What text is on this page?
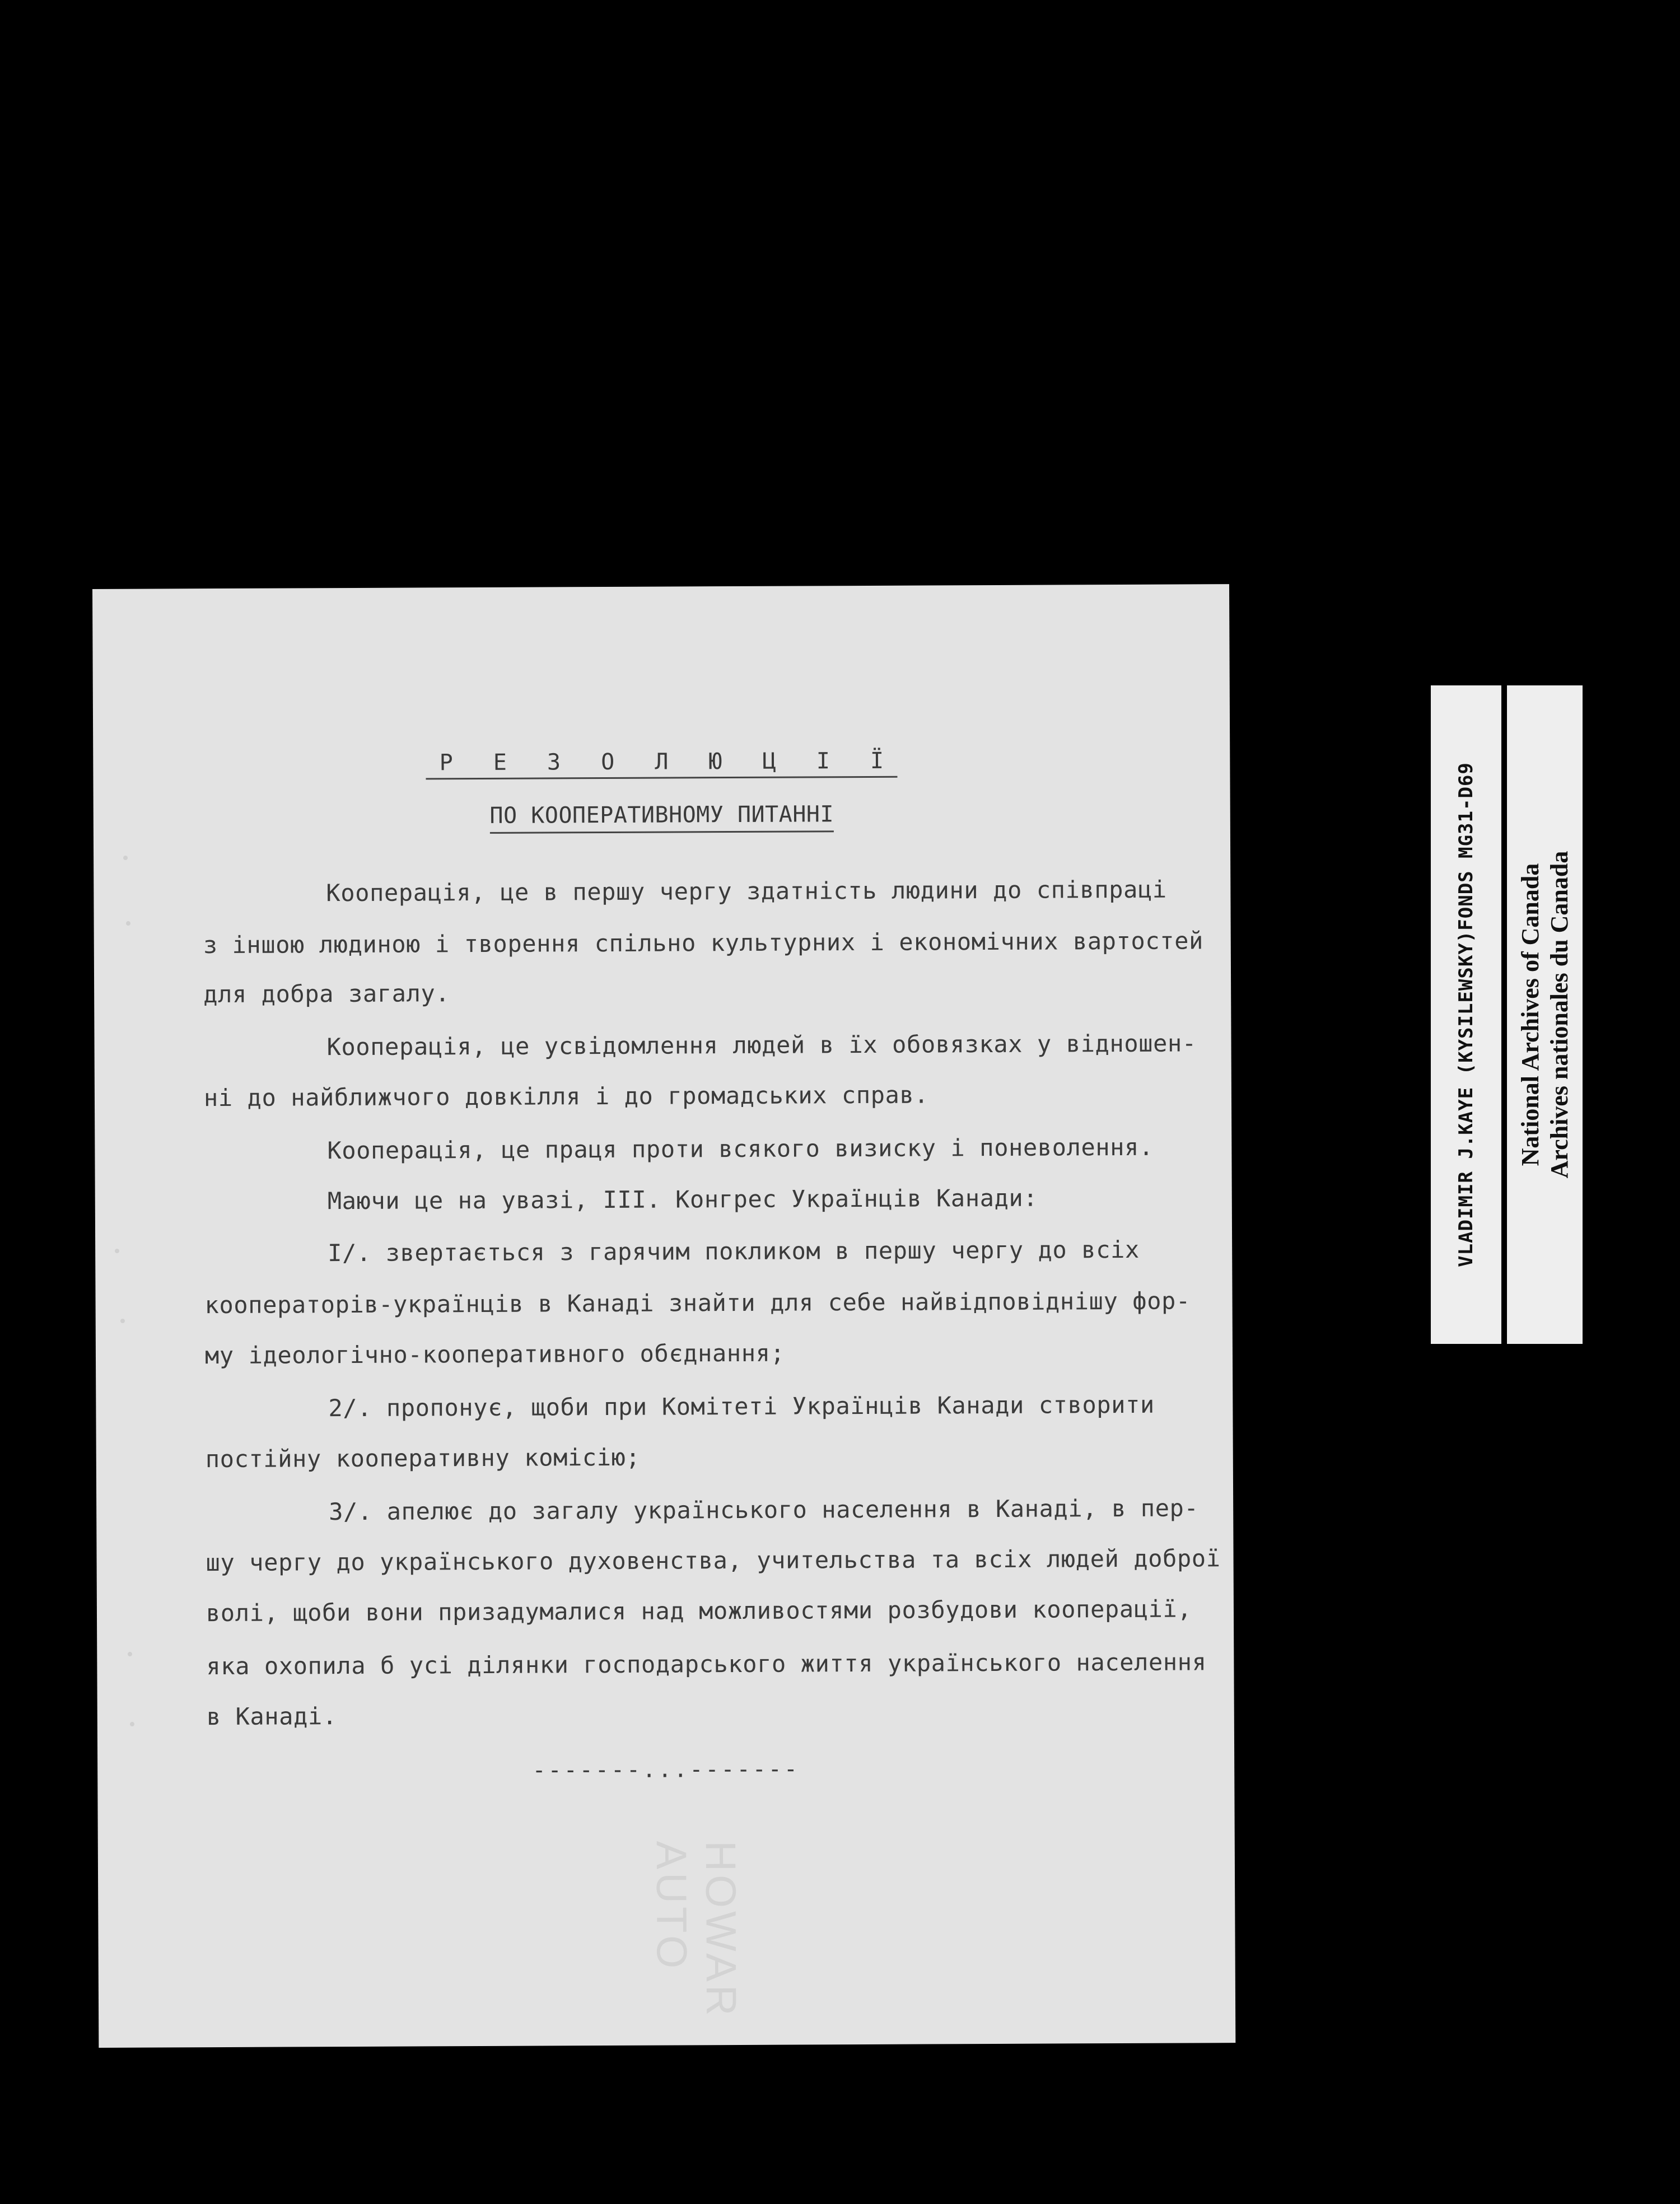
Р Е З О Л Ю Ц І Ї
ПО КООПЕРАТИВНОМУ ПИТАННІ
Кооперація, це в першу чергу здатність людини до співпраці
з іншою людиною і творення спільно культурних і економічних вартостей
для добра загалу.
Кооперація, це усвідомлення людей в їх обовязках у відношен-
ні до найближчого довкілля і до громадських справ.
Кооперація, це праця проти всякого визиску і поневолення.
Маючи це на увазі, III. Конгрес Українців Канади:
I/. звертається з гарячим покликом в першу чергу до всіх
кооператорів-українців в Канаді знайти для себе найвідповіднішу фор-
му ідеологічно-кооперативного обєднання;
2/. пропонує, щоби при Комітеті Українців Канади створити
постійну кооперативну комісію;
3/. апелює до загалу українського населення в Канаді, в пер-
шу чергу до українського духовенства, учительства та всіх людей доброї
волі, щоби вони призадумалися над можливостями розбудови кооперації,
яка охопила б усі ділянки господарського життя українського населення
в Канаді.
-------...-------
HOWAR
AUTO
VLADIMIR J.KAYE (KYSILEWSKY)FONDS MG31-D69 National Archives of Canada Archives nationales du Canada
